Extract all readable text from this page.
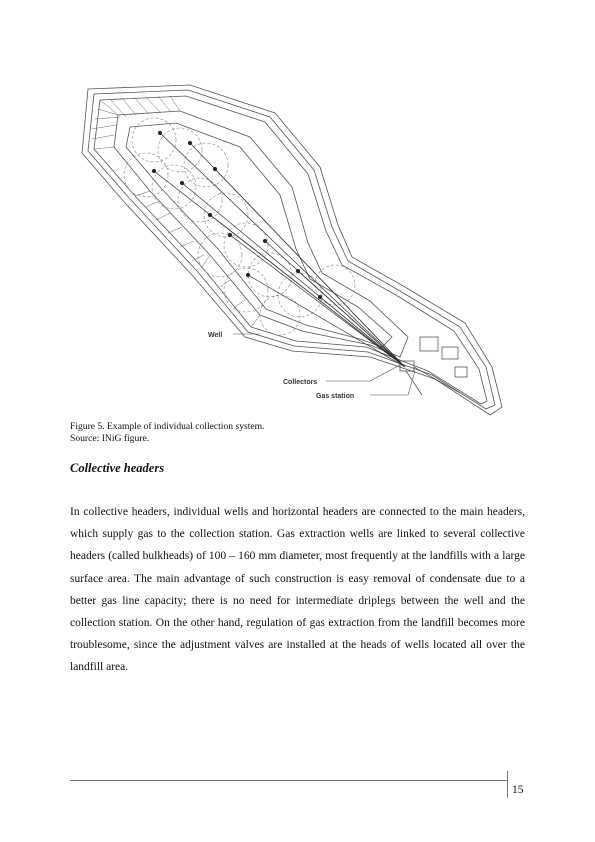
Well
Collectors
Gas station
Figure 5. Example of individual collection system.
Source: INiG figure.
Collective headers
In collective headers, individual wells and horizontal headers are connected to the main headers, which supply gas to the collection station. Gas extraction wells are linked to several collective headers (called bulkheads) of 100 – 160 mm diameter, most frequently at the landfills with a large surface area. The main advantage of such construction is easy removal of condensate due to a better gas line capacity; there is no need for intermediate driplegs between the well and the collection station. On the other hand, regulation of gas extraction from the landfill becomes more troublesome, since the adjustment valves are installed at the heads of wells located all over the landfill area.
15
